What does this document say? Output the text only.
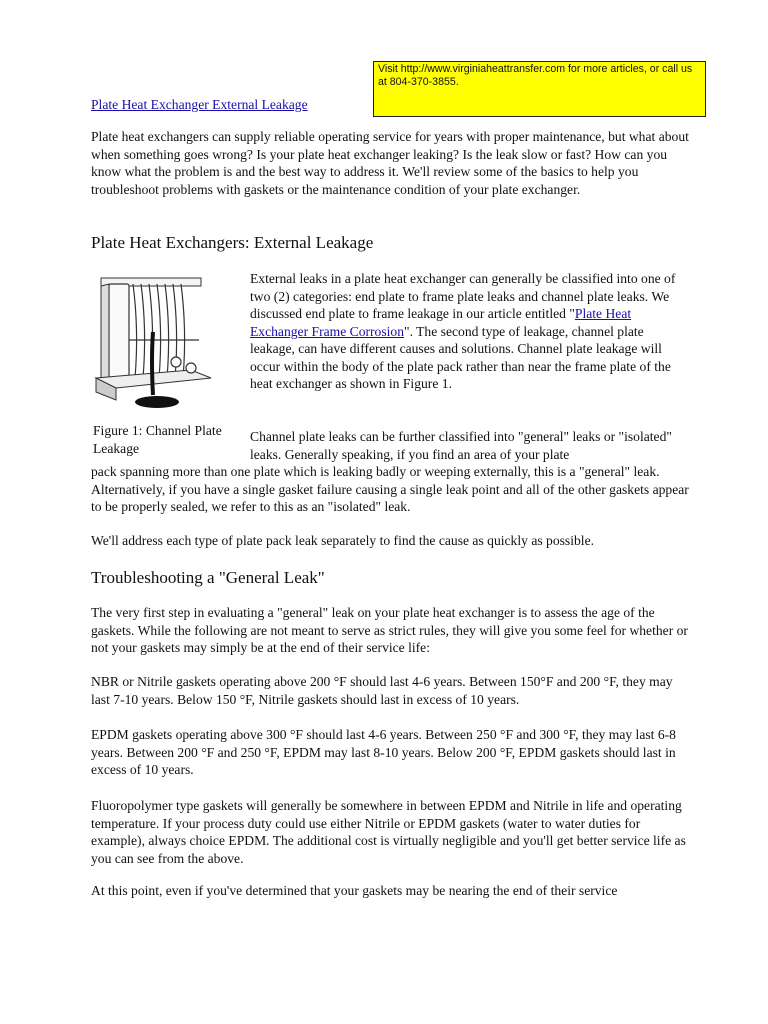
Visit http://www.virginiaheattransfer.com for more articles, or call us at 804-370-3855.
Plate Heat Exchanger External Leakage

Plate heat exchangers can supply reliable operating service for years with proper maintenance, but what about when something goes wrong? Is your plate heat exchanger leaking? Is the leak slow or fast? How can you know what the problem is and the best way to address it. We'll review some of the basics to help you troubleshoot problems with gaskets or the maintenance condition of your plate exchanger.

Plate Heat Exchangers: External Leakage
Figure 1: Channel Plate Leakage

External leaks in a plate heat exchanger can generally be classified into one of two (2) categories: end plate to frame plate leaks and channel plate leaks. We discussed end plate to frame leakage in our article entitled "Plate Heat Exchanger Frame Corrosion". The second type of leakage, channel plate leakage, can have different causes and solutions. Channel plate leakage will occur within the body of the plate pack rather than near the frame plate of the heat exchanger as shown in Figure 1.

Channel plate leaks can be further classified into "general" leaks or "isolated" leaks. Generally speaking, if you find an area of your plate

pack spanning more than one plate which is leaking badly or weeping externally, this is a "general" leak. Alternatively, if you have a single gasket failure causing a single leak point and all of the other gaskets appear to be properly sealed, we refer to this as an "isolated" leak.

We'll address each type of plate pack leak separately to find the cause as quickly as possible.

Troubleshooting a "General Leak"

The very first step in evaluating a "general" leak on your plate heat exchanger is to assess the age of the gaskets. While the following are not meant to serve as strict rules, they will give you some feel for whether or not your gaskets may simply be at the end of their service life:

NBR or Nitrile gaskets operating above 200 °F should last 4-6 years. Between 150°F and 200 °F, they may last 7-10 years. Below 150 °F, Nitrile gaskets should last in excess of 10 years.

EPDM gaskets operating above 300 °F should last 4-6 years. Between 250 °F and 300 °F, they may last 6-8 years. Between 200 °F and 250 °F, EPDM may last 8-10 years. Below 200 °F, EPDM gaskets should last in excess of 10 years.

Fluoropolymer type gaskets will generally be somewhere in between EPDM and Nitrile in life and operating temperature. If your process duty could use either Nitrile or EPDM gaskets (water to water duties for example), always choice EPDM. The additional cost is virtually negligible and you'll get better service life as you can see from the above.

At this point, even if you've determined that your gaskets may be nearing the end of their service
